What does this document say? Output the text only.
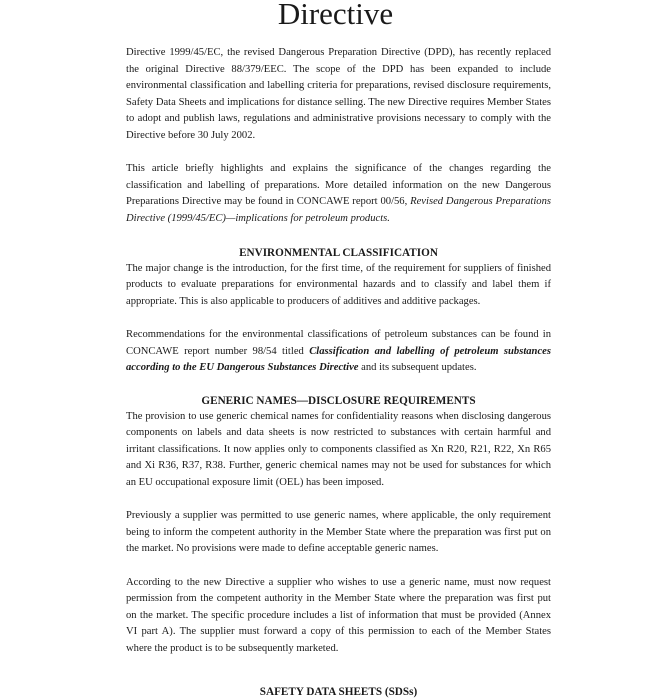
Directive

Directive 1999/45/EC, the revised Dangerous Preparation Directive (DPD), has recently replaced the original Directive 88/379/EEC. The scope of the DPD has been expanded to include environmental classification and labelling criteria for preparations, revised disclosure requirements, Safety Data Sheets and implications for distance selling. The new Directive requires Member States to adopt and publish laws, regulations and administrative provisions necessary to comply with the Directive before 30 July 2002.

This article briefly highlights and explains the significance of the changes regarding the classification and labelling of preparations. More detailed information on the new Dangerous Preparations Directive may be found in CONCAWE report 00/56, Revised Dangerous Preparations Directive (1999/45/EC)—implications for petroleum products.

ENVIRONMENTAL CLASSIFICATION

The major change is the introduction, for the first time, of the requirement for suppliers of finished products to evaluate preparations for environmental hazards and to classify and label them if appropriate. This is also applicable to producers of additives and additive packages.

Recommendations for the environmental classifications of petroleum substances can be found in CONCAWE report number 98/54 titled Classification and labelling of petroleum substances according to the EU Dangerous Substances Directive and its subsequent updates.

GENERIC NAMES—DISCLOSURE REQUIREMENTS

The provision to use generic chemical names for confidentiality reasons when disclosing dangerous components on labels and data sheets is now restricted to substances with certain harmful and irritant classifications. It now applies only to components classified as Xn R20, R21, R22, Xn R65 and Xi R36, R37, R38. Further, generic chemical names may not be used for substances for which an EU occupational exposure limit (OEL) has been imposed.

Previously a supplier was permitted to use generic names, where applicable, the only requirement being to inform the competent authority in the Member State where the preparation was first put on the market. No provisions were made to define acceptable generic names.

According to the new Directive a supplier who wishes to use a generic name, must now request permission from the competent authority in the Member State where the preparation was first put on the market. The specific procedure includes a list of information that must be provided (Annex VI part A). The supplier must forward a copy of this permission to each of the Member States where the product is to be subsequently marketed.

SAFETY DATA SHEETS (SDSs)
